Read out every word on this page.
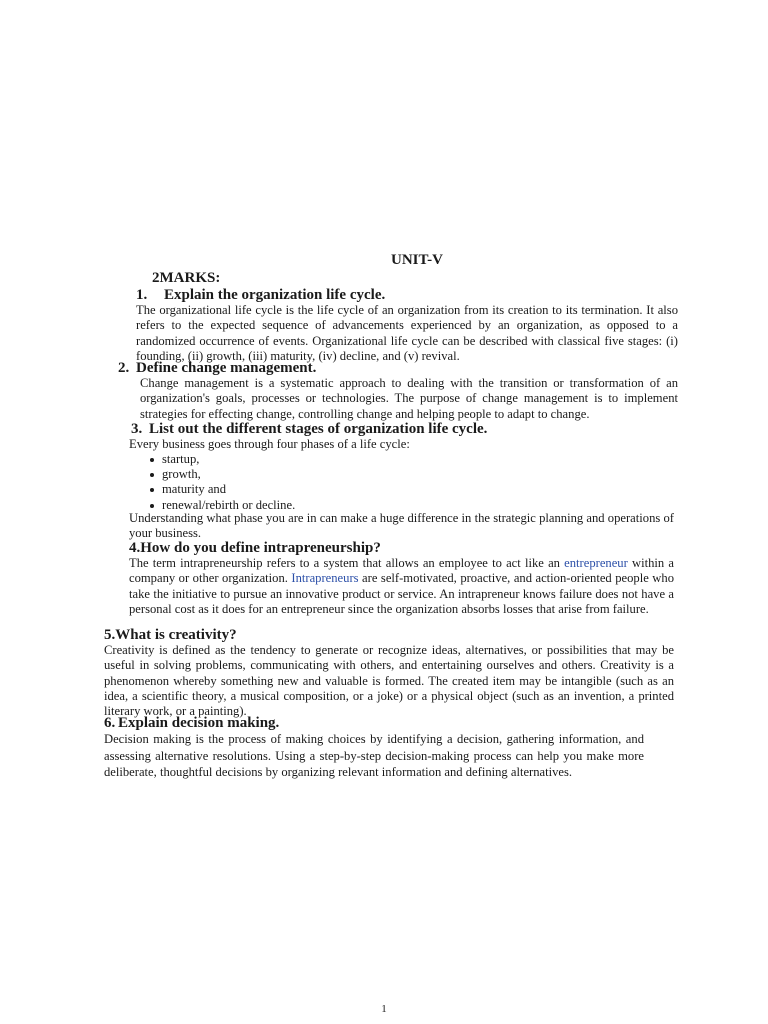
UNIT-V
2MARKS:
1. Explain the organization life cycle.
The organizational life cycle is the life cycle of an organization from its creation to its termination. It also refers to the expected sequence of advancements experienced by an organization, as opposed to a randomized occurrence of events. Organizational life cycle can be described with classical five stages: (i) founding, (ii) growth, (iii) maturity, (iv) decline, and (v) revival.
2. Define change management.
Change management is a systematic approach to dealing with the transition or transformation of an organization's goals, processes or technologies. The purpose of change management is to implement strategies for effecting change, controlling change and helping people to adapt to change.
3. List out the different stages of organization life cycle.
Every business goes through four phases of a life cycle:
startup,
growth,
maturity and
renewal/rebirth or decline.
Understanding what phase you are in can make a huge difference in the strategic planning and operations of your business.
4.How do you define intrapreneurship?
The term intrapreneurship refers to a system that allows an employee to act like an entrepreneur within a company or other organization. Intrapreneurs are self-motivated, proactive, and action-oriented people who take the initiative to pursue an innovative product or service. An intrapreneur knows failure does not have a personal cost as it does for an entrepreneur since the organization absorbs losses that arise from failure.
5.What is creativity?
Creativity is defined as the tendency to generate or recognize ideas, alternatives, or possibilities that may be useful in solving problems, communicating with others, and entertaining ourselves and others. Creativity is a phenomenon whereby something new and valuable is formed. The created item may be intangible (such as an idea, a scientific theory, a musical composition, or a joke) or a physical object (such as an invention, a printed literary work, or a painting).
6. Explain decision making.
Decision making is the process of making choices by identifying a decision, gathering information, and assessing alternative resolutions. Using a step-by-step decision-making process can help you make more deliberate, thoughtful decisions by organizing relevant information and defining alternatives.
1
